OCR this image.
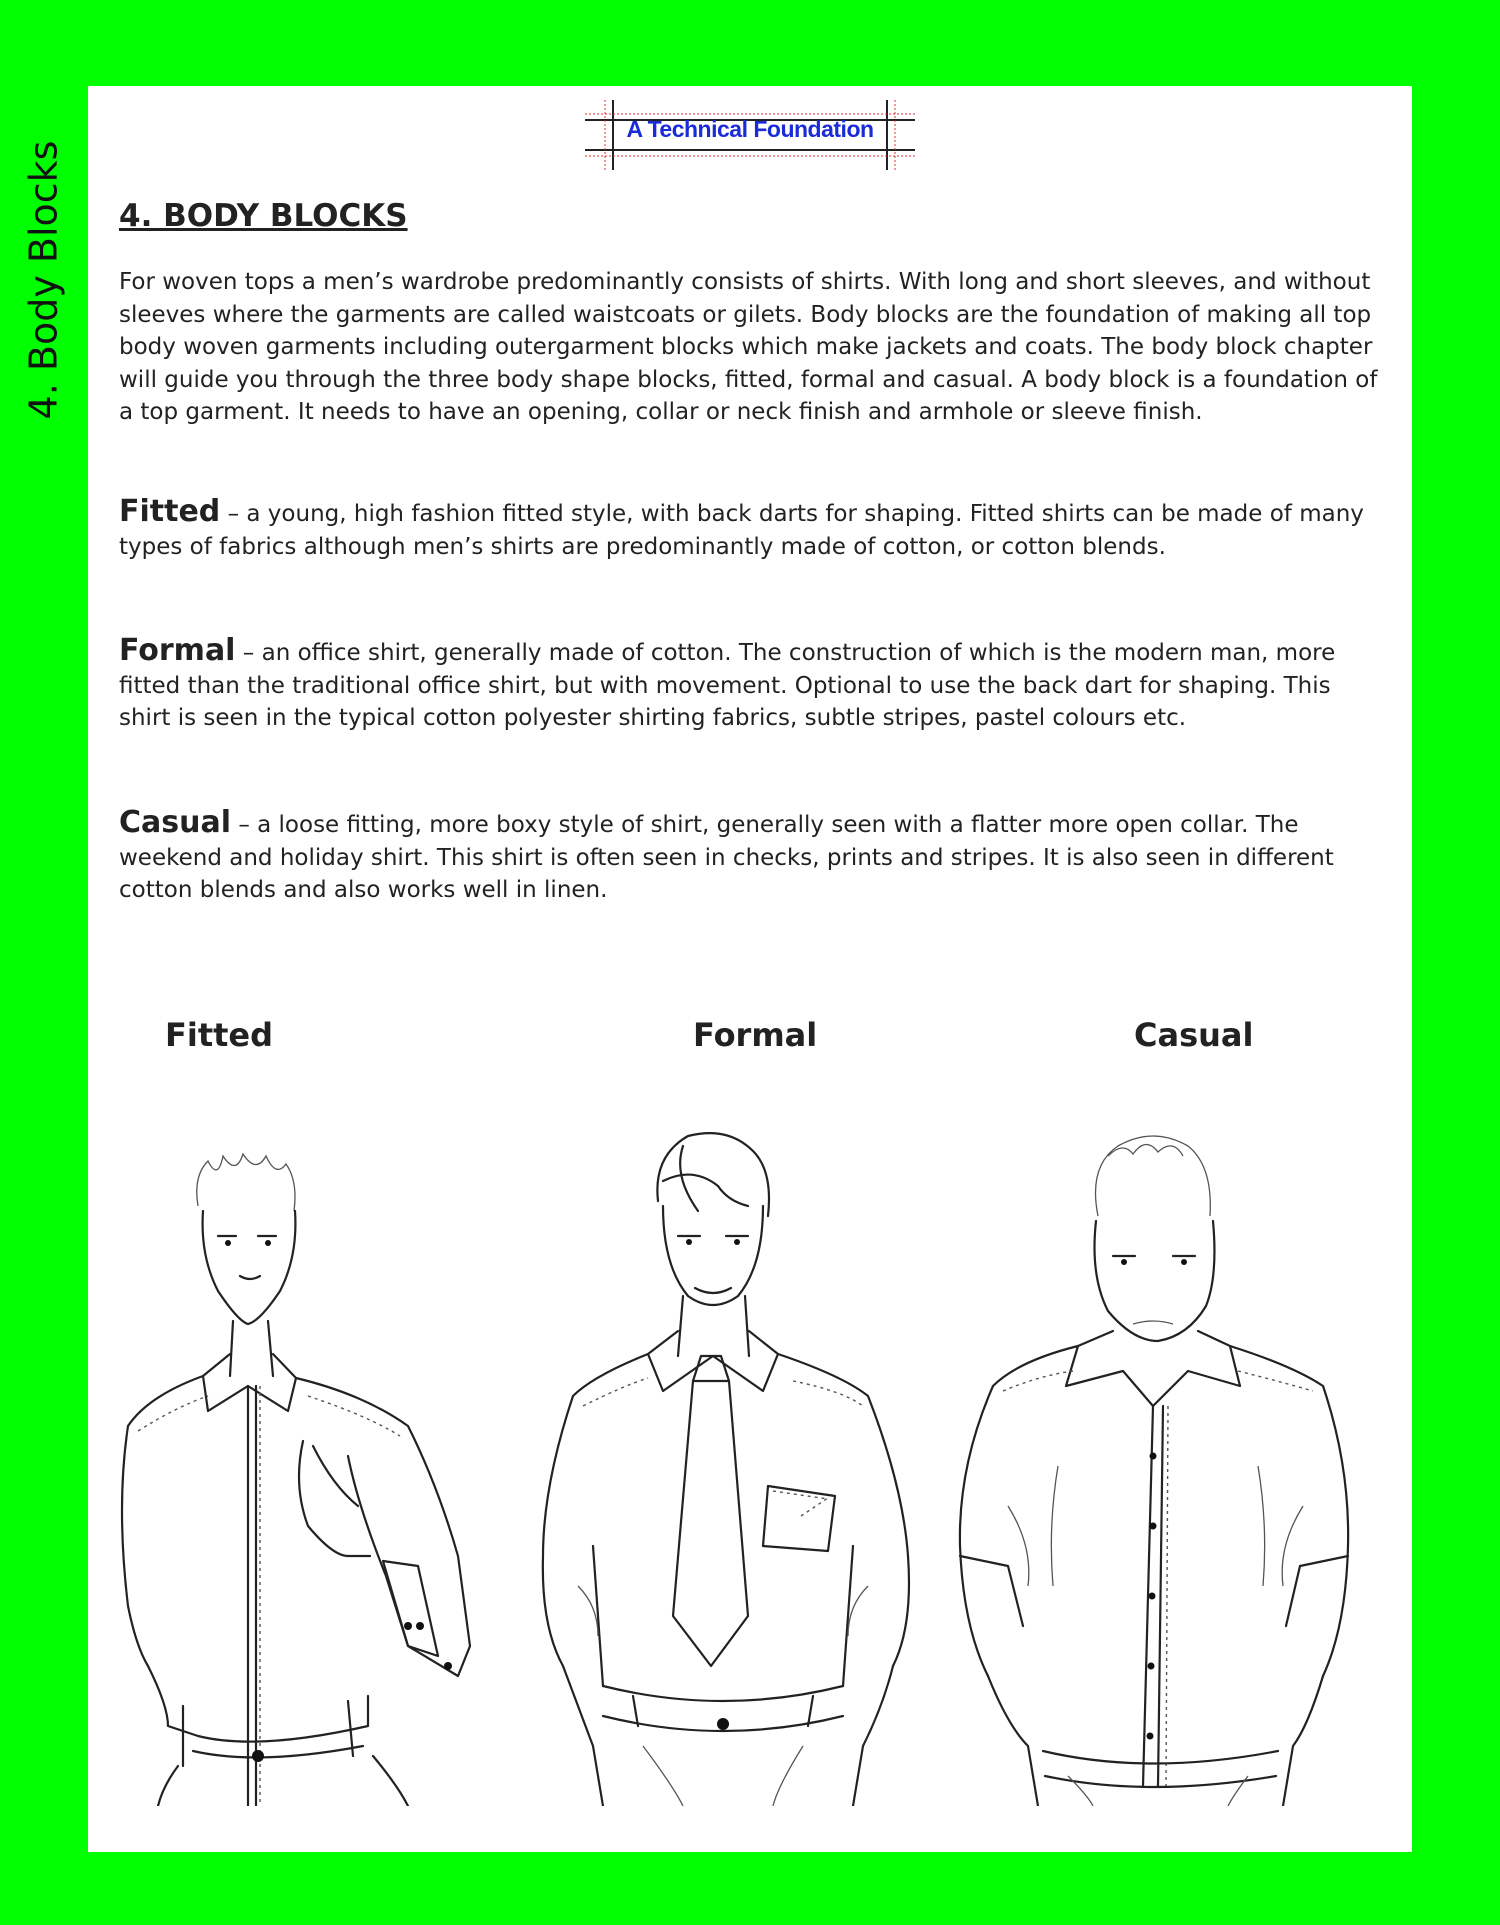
4. Body Blocks
A Technical Foundation
4. BODY BLOCKS

For woven tops a men’s wardrobe predominantly consists of shirts. With long and short sleeves, and without sleeves where the garments are called waistcoats or gilets. Body blocks are the foundation of making all top body woven garments including outergarment blocks which make jackets and coats. The body block chapter will guide you through the three body shape blocks, fitted, formal and casual. A body block is a foundation of a top garment. It needs to have an opening, collar or neck finish and armhole or sleeve finish.

Fitted – a young, high fashion fitted style, with back darts for shaping. Fitted shirts can be made of many types of fabrics although men’s shirts are predominantly made of cotton, or cotton blends.

Formal – an office shirt, generally made of cotton. The construction of which is the modern man, more fitted than the traditional office shirt, but with movement. Optional to use the back dart for shaping. This shirt is seen in the typical cotton polyester shirting fabrics, subtle stripes, pastel colours etc.

Casual – a loose fitting, more boxy style of shirt, generally seen with a flatter more open collar. The weekend and holiday shirt. This shirt is often seen in checks, prints and stripes. It is also seen in different cotton blends and also works well in linen.

Fitted	Formal	Casual
